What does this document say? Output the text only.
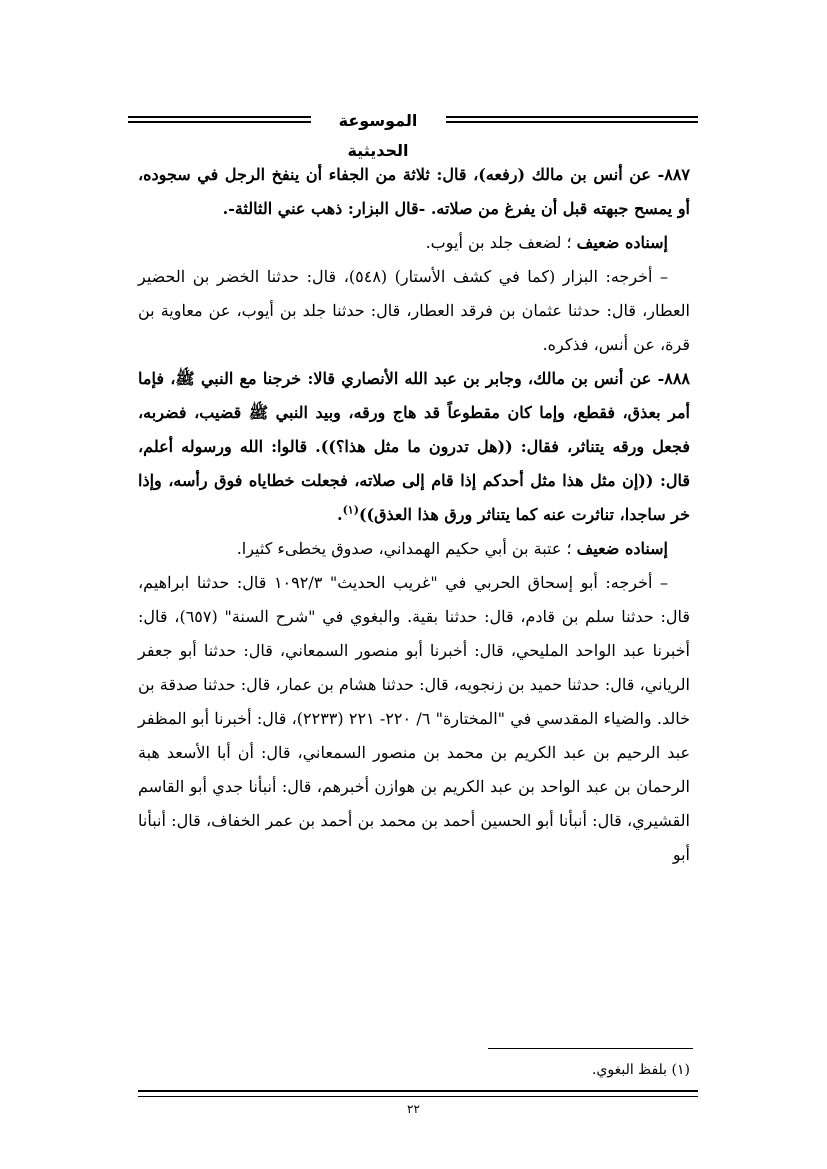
الموسوعة الحديثية

٨٨٧- عن أنس بن مالك (رفعه)، قال: ثلاثة من الجفاء أن ينفخ الرجل في سجوده، أو يمسح جبهته قبل أن يفرغ من صلاته. -قال البزار: ذهب عني الثالثة-.

إسناده ضعيف ؛ لضعف جلد بن أيوب.

– أخرجه: البزار (كما في كشف الأستار) (٥٤٨)، قال: حدثنا الخضر بن الحضير العطار، قال: حدثنا عثمان بن فرقد العطار، قال: حدثنا جلد بن أيوب، عن معاوية بن قرة، عن أنس، فذكره.

٨٨٨- عن أنس بن مالك، وجابر بن عبد الله الأنصاري قالا: خرجنا مع النبي ﷺ، فإما أمر بعذق، فقطع، وإما كان مقطوعاً قد هاج ورقه، وبيد النبي ﷺ قضيب، فضربه، فجعل ورقه يتناثر، فقال: ((هل تدرون ما مثل هذا؟)). قالوا: الله ورسوله أعلم، قال: ((إن مثل هذا مثل أحدكم إذا قام إلى صلاته، فجعلت خطاياه فوق رأسه، وإذا خر ساجدا، تناثرت عنه كما يتناثر ورق هذا العذق))$^{(١)}$.

إسناده ضعيف ؛ عتبة بن أبي حكيم الهمداني، صدوق يخطىء كثيرا.

– أخرجه: أبو إسحاق الحربي في "غريب الحديث" ١٠٩٢/٣ قال: حدثنا ابراهيم، قال: حدثنا سلم بن قادم، قال: حدثنا بقية. والبغوي في "شرح السنة" (٦٥٧)، قال: أخبرنا عبد الواحد المليحي، قال: أخبرنا أبو منصور السمعاني، قال: حدثنا أبو جعفر الرياني، قال: حدثنا حميد بن زنجويه، قال: حدثنا هشام بن عمار، قال: حدثنا صدقة بن خالد. والضياء المقدسي في "المختارة" ٦/ ٢٢٠- ٢٢١ (٢٢٣٣)، قال: أخبرنا أبو المظفر عبد الرحيم بن عبد الكريم بن محمد بن منصور السمعاني، قال: أن أبا الأسعد هبة الرحمان بن عبد الواحد بن عبد الكريم بن هوازن أخبرهم، قال: أنبأنا جدي أبو القاسم القشيري، قال: أنبأنا أبو الحسين أحمد بن محمد بن أحمد بن عمر الخفاف، قال: أنبأنا أبو

(١) بلفظ البغوي.
٢٢
